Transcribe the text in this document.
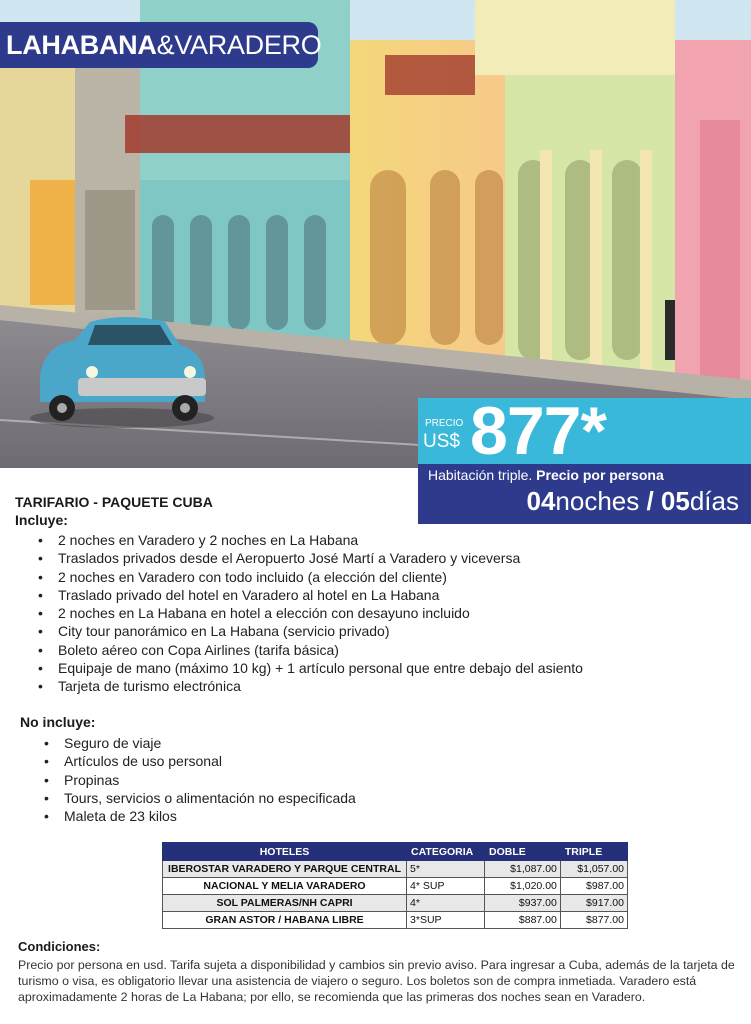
LAHABANA &VARADERO
PRECIO
US$ 877*
Habitación triple. Precio por persona
04noches / 05días
TARIFARIO - PAQUETE CUBA
Incluye:
• 2 noches en Varadero y 2 noches en La Habana
• Traslados privados desde el Aeropuerto José Martí a Varadero y viceversa
• 2 noches en Varadero con todo incluido (a elección del cliente)
• Traslado privado del hotel en Varadero al hotel en La Habana
• 2 noches en La Habana en hotel a elección con desayuno incluido
• City tour panorámico en La Habana (servicio privado)
• Boleto aéreo con Copa Airlines (tarifa básica)
• Equipaje de mano (máximo 10 kg) + 1 artículo personal que entre debajo del asiento
• Tarjeta de turismo electrónica
No incluye:
• Seguro de viaje
• Artículos de uso personal
• Propinas
• Tours, servicios o alimentación no especificada
• Maleta de 23 kilos
HOTELES	CATEGORIA	DOBLE	TRIPLE
IBEROSTAR VARADERO Y PARQUE CENTRAL	5*	$1,087.00	$1,057.00
NACIONAL Y MELIA VARADERO	4* SUP	$1,020.00	$987.00
SOL PALMERAS/NH CAPRI	4*	$937.00	$917.00
GRAN ASTOR / HABANA LIBRE	3*SUP	$887.00	$877.00
Condiciones:
Precio por persona en usd. Tarifa sujeta a disponibilidad y cambios sin previo aviso. Para ingresar a Cuba, además de la tarjeta de turismo o visa, es obligatorio llevar una asistencia de viajero o seguro. Los boletos son de compra inmetiada. Varadero está aproximadamente 2 horas de La Habana; por ello, se recomienda que las primeras dos noches sean en Varadero.
